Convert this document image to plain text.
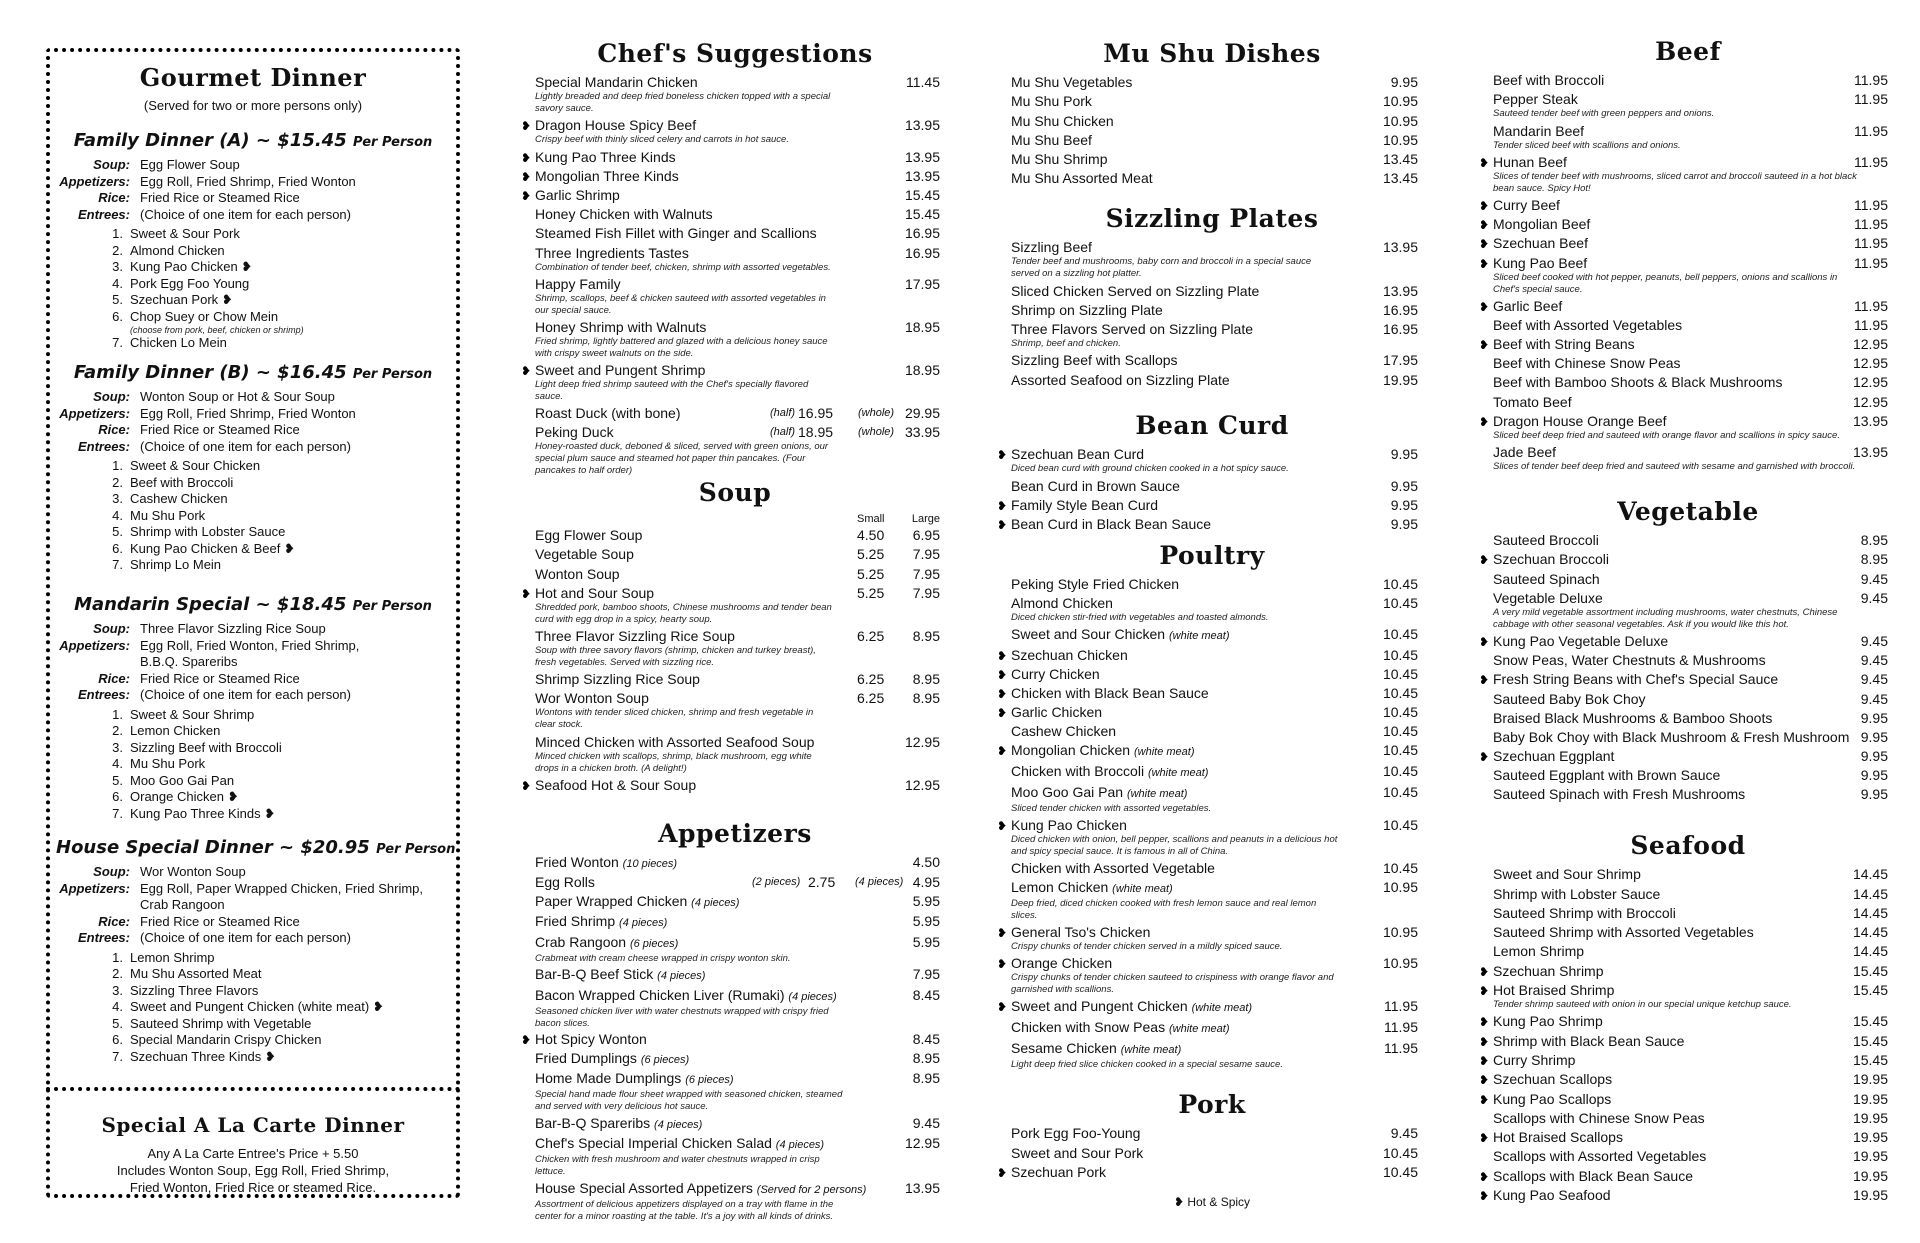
Gourmet Dinner
(Served for two or more persons only)
Family Dinner (A) ~ $15.45 Per Person
Soup: Egg Flower Soup
Appetizers: Egg Roll, Fried Shrimp, Fried Wonton
Rice: Fried Rice or Steamed Rice
Entrees: (Choice of one item for each person)
1. Sweet & Sour Pork
2. Almond Chicken
3. Kung Pao Chicken ❥
4. Pork Egg Foo Young
5. Szechuan Pork ❥
6. Chop Suey or Chow Mein
(choose from pork, beef, chicken or shrimp)
7. Chicken Lo Mein
Family Dinner (B) ~ $16.45 Per Person
Soup: Wonton Soup or Hot & Sour Soup
Appetizers: Egg Roll, Fried Shrimp, Fried Wonton
Rice: Fried Rice or Steamed Rice
Entrees: (Choice of one item for each person)
1. Sweet & Sour Chicken
2. Beef with Broccoli
3. Cashew Chicken
4. Mu Shu Pork
5. Shrimp with Lobster Sauce
6. Kung Pao Chicken & Beef ❥
7. Shrimp Lo Mein
Mandarin Special ~ $18.45 Per Person
Soup: Three Flavor Sizzling Rice Soup
Appetizers: Egg Roll, Fried Wonton, Fried Shrimp,
B.B.Q. Spareribs
Rice: Fried Rice or Steamed Rice
Entrees: (Choice of one item for each person)
1. Sweet & Sour Shrimp
2. Lemon Chicken
3. Sizzling Beef with Broccoli
4. Mu Shu Pork
5. Moo Goo Gai Pan
6. Orange Chicken ❥
7. Kung Pao Three Kinds ❥
House Special Dinner ~ $20.95 Per Person
Soup: Wor Wonton Soup
Appetizers: Egg Roll, Paper Wrapped Chicken, Fried Shrimp,
Crab Rangoon
Rice: Fried Rice or Steamed Rice
Entrees: (Choice of one item for each person)
1. Lemon Shrimp
2. Mu Shu Assorted Meat
3. Sizzling Three Flavors
4. Sweet and Pungent Chicken (white meat) ❥
5. Sauteed Shrimp with Vegetable
6. Special Mandarin Crispy Chicken
7. Szechuan Three Kinds ❥
Special A La Carte Dinner
Any A La Carte Entree's Price + 5.50
Includes Wonton Soup, Egg Roll, Fried Shrimp,
Fried Wonton, Fried Rice or steamed Rice.
Chef's Suggestions
Special Mandarin Chicken	11.45
Lightly breaded and deep fried boneless chicken topped with a special savory sauce.
❥ Dragon House Spicy Beef	13.95
Crispy beef with thinly sliced celery and carrots in hot sauce.
❥ Kung Pao Three Kinds	13.95
❥ Mongolian Three Kinds	13.95
❥ Garlic Shrimp	15.45
Honey Chicken with Walnuts	15.45
Steamed Fish Fillet with Ginger and Scallions	16.95
Three Ingredients Tastes	16.95
Combination of tender beef, chicken, shrimp with assorted vegetables.
Happy Family	17.95
Shrimp, scallops, beef & chicken sauteed with assorted vegetables in our special sauce.
Honey Shrimp with Walnuts	18.95
Fried shrimp, lightly battered and glazed with a delicious honey sauce with crispy sweet walnuts on the side.
❥ Sweet and Pungent Shrimp	18.95
Light deep fried shrimp sauteed with the Chef's specially flavored sauce.
Roast Duck (with bone)	(half) 16.95 (whole) 29.95
Peking Duck	(half) 18.95 (whole) 33.95
Honey-roasted duck, deboned & sliced, served with green onions, our special plum sauce and steamed hot paper thin pancakes. (Four pancakes to half order)
Soup
Small Large
Egg Flower Soup	4.50 6.95
Vegetable Soup	5.25 7.95
Wonton Soup	5.25 7.95
❥ Hot and Sour Soup	5.25 7.95
Shredded pork, bamboo shoots, Chinese mushrooms and tender bean curd with egg drop in a spicy, hearty soup.
Three Flavor Sizzling Rice Soup	6.25 8.95
Soup with three savory flavors (shrimp, chicken and turkey breast), fresh vegetables. Served with sizzling rice.
Shrimp Sizzling Rice Soup	6.25 8.95
Wor Wonton Soup	6.25 8.95
Wontons with tender sliced chicken, shrimp and fresh vegetable in clear stock.
Minced Chicken with Assorted Seafood Soup	12.95
Minced chicken with scallops, shrimp, black mushroom, egg white drops in a chicken broth. (A delight!)
❥ Seafood Hot & Sour Soup	12.95
Appetizers
Fried Wonton (10 pieces)	4.50
Egg Rolls	(2 pieces) 2.75 (4 pieces) 4.95
Paper Wrapped Chicken (4 pieces)	5.95
Fried Shrimp (4 pieces)	5.95
Crab Rangoon (6 pieces)	5.95
Crabmeat with cream cheese wrapped in crispy wonton skin.
Bar-B-Q Beef Stick (4 pieces)	7.95
Bacon Wrapped Chicken Liver (Rumaki) (4 pieces)	8.45
Seasoned chicken liver with water chestnuts wrapped with crispy fried bacon slices.
❥ Hot Spicy Wonton	8.45
Fried Dumplings (6 pieces)	8.95
Home Made Dumplings (6 pieces)	8.95
Special hand made flour sheet wrapped with seasoned chicken, steamed and served with very delicious hot sauce.
Bar-B-Q Spareribs (4 pieces)	9.45
Chef's Special Imperial Chicken Salad (4 pieces)	12.95
Chicken with fresh mushroom and water chestnuts wrapped in crisp lettuce.
House Special Assorted Appetizers (Served for 2 persons)	13.95
Assortment of delicious appetizers displayed on a tray with flame in the center for a minor roasting at the table. It's a joy with all kinds of drinks.
Mu Shu Dishes
Mu Shu Vegetables	9.95
Mu Shu Pork	10.95
Mu Shu Chicken	10.95
Mu Shu Beef	10.95
Mu Shu Shrimp	13.45
Mu Shu Assorted Meat	13.45
Sizzling Plates
Sizzling Beef	13.95
Tender beef and mushrooms, baby corn and broccoli in a special sauce served on a sizzling hot platter.
Sliced Chicken Served on Sizzling Plate	13.95
Shrimp on Sizzling Plate	16.95
Three Flavors Served on Sizzling Plate	16.95
Shrimp, beef and chicken.
Sizzling Beef with Scallops	17.95
Assorted Seafood on Sizzling Plate	19.95
Bean Curd
❥ Szechuan Bean Curd	9.95
Diced bean curd with ground chicken cooked in a hot spicy sauce.
Bean Curd in Brown Sauce	9.95
❥ Family Style Bean Curd	9.95
❥ Bean Curd in Black Bean Sauce	9.95
Poultry
Peking Style Fried Chicken	10.45
Almond Chicken	10.45
Diced chicken stir-fried with vegetables and toasted almonds.
Sweet and Sour Chicken (white meat)	10.45
❥ Szechuan Chicken	10.45
❥ Curry Chicken	10.45
❥ Chicken with Black Bean Sauce	10.45
❥ Garlic Chicken	10.45
Cashew Chicken	10.45
❥ Mongolian Chicken (white meat)	10.45
Chicken with Broccoli (white meat)	10.45
Moo Goo Gai Pan (white meat)	10.45
Sliced tender chicken with assorted vegetables.
❥ Kung Pao Chicken	10.45
Diced chicken with onion, bell pepper, scallions and peanuts in a delicious hot and spicy special sauce. It is famous in all of China.
Chicken with Assorted Vegetable	10.45
Lemon Chicken (white meat)	10.95
Deep fried, diced chicken cooked with fresh lemon sauce and real lemon slices.
❥ General Tso's Chicken	10.95
Crispy chunks of tender chicken served in a mildly spiced sauce.
❥ Orange Chicken	10.95
Crispy chunks of tender chicken sauteed to crispiness with orange flavor and garnished with scallions.
❥ Sweet and Pungent Chicken (white meat)	11.95
Chicken with Snow Peas (white meat)	11.95
Sesame Chicken (white meat)	11.95
Light deep fried slice chicken cooked in a special sesame sauce.
Pork
Pork Egg Foo-Young	9.45
Sweet and Sour Pork	10.45
❥ Szechuan Pork	10.45
❥ Hot & Spicy
Beef
Beef with Broccoli	11.95
Pepper Steak	11.95
Sauteed tender beef with green peppers and onions.
Mandarin Beef	11.95
Tender sliced beef with scallions and onions.
❥ Hunan Beef	11.95
Slices of tender beef with mushrooms, sliced carrot and broccoli sauteed in a hot black bean sauce. Spicy Hot!
❥ Curry Beef	11.95
❥ Mongolian Beef	11.95
❥ Szechuan Beef	11.95
❥ Kung Pao Beef	11.95
Sliced beef cooked with hot pepper, peanuts, bell peppers, onions and scallions in Chef's special sauce.
❥ Garlic Beef	11.95
Beef with Assorted Vegetables	11.95
❥ Beef with String Beans	12.95
Beef with Chinese Snow Peas	12.95
Beef with Bamboo Shoots & Black Mushrooms	12.95
Tomato Beef	12.95
❥ Dragon House Orange Beef	13.95
Sliced beef deep fried and sauteed with orange flavor and scallions in spicy sauce.
Jade Beef	13.95
Slices of tender beef deep fried and sauteed with sesame and garnished with broccoli.
Vegetable
Sauteed Broccoli	8.95
❥ Szechuan Broccoli	8.95
Sauteed Spinach	9.45
Vegetable Deluxe	9.45
A very mild vegetable assortment including mushrooms, water chestnuts, Chinese cabbage with other seasonal vegetables. Ask if you would like this hot.
❥ Kung Pao Vegetable Deluxe	9.45
Snow Peas, Water Chestnuts & Mushrooms	9.45
❥ Fresh String Beans with Chef's Special Sauce	9.45
Sauteed Baby Bok Choy	9.45
Braised Black Mushrooms & Bamboo Shoots	9.95
Baby Bok Choy with Black Mushroom & Fresh Mushroom 9.95
❥ Szechuan Eggplant	9.95
Sauteed Eggplant with Brown Sauce	9.95
Sauteed Spinach with Fresh Mushrooms	9.95
Seafood
Sweet and Sour Shrimp	14.45
Shrimp with Lobster Sauce	14.45
Sauteed Shrimp with Broccoli	14.45
Sauteed Shrimp with Assorted Vegetables	14.45
Lemon Shrimp	14.45
❥ Szechuan Shrimp	15.45
❥ Hot Braised Shrimp	15.45
Tender shrimp sauteed with onion in our special unique ketchup sauce.
❥ Kung Pao Shrimp	15.45
❥ Shrimp with Black Bean Sauce	15.45
❥ Curry Shrimp	15.45
❥ Szechuan Scallops	19.95
❥ Kung Pao Scallops	19.95
Scallops with Chinese Snow Peas	19.95
❥ Hot Braised Scallops	19.95
Scallops with Assorted Vegetables	19.95
❥ Scallops with Black Bean Sauce	19.95
❥ Kung Pao Seafood	19.95
